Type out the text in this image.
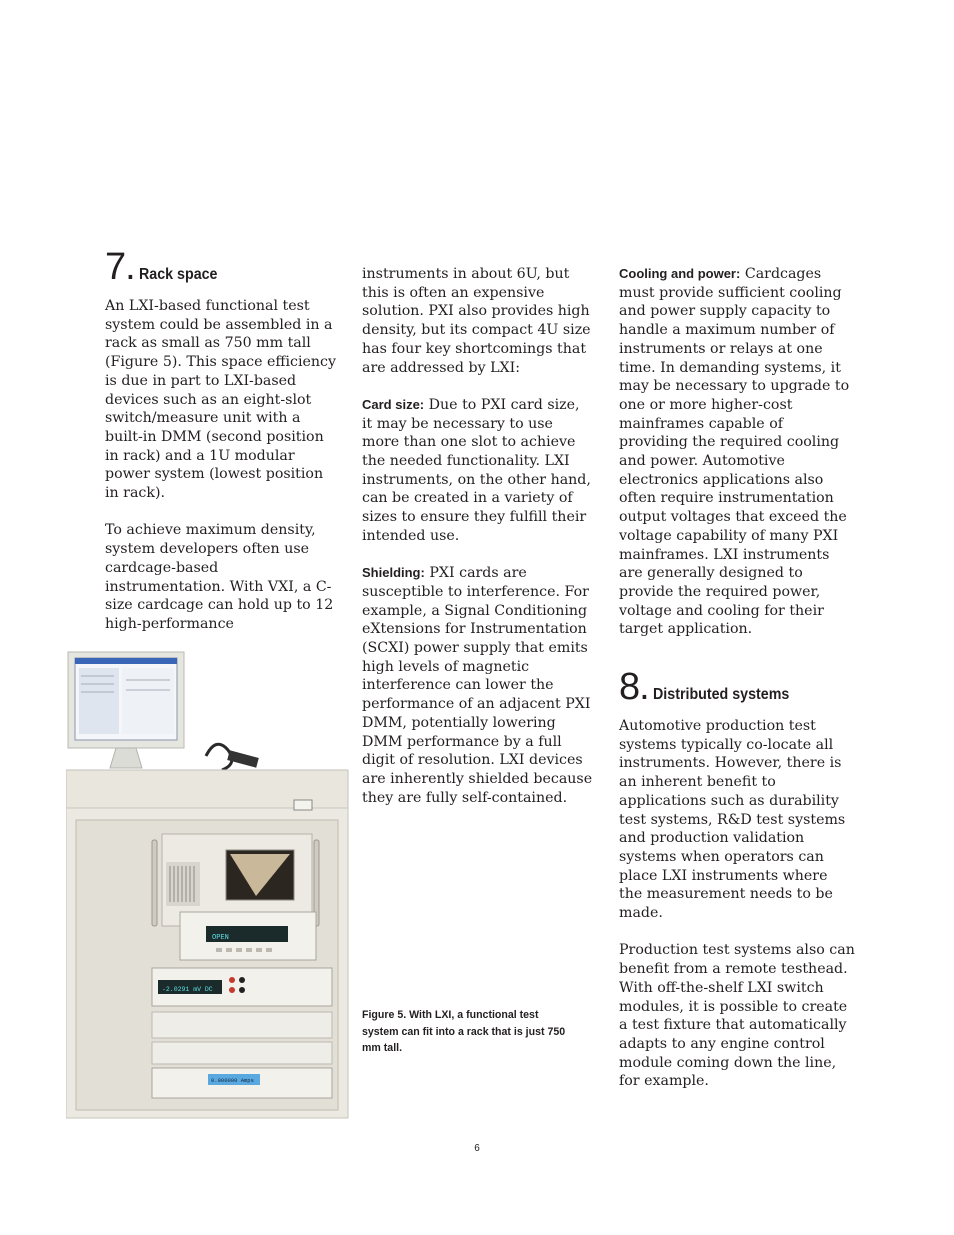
7. Rack space

An LXI-based functional test system could be assembled in a rack as small as 750 mm tall (Figure 5). This space efficiency is due in part to LXI-based devices such as an eight-slot switch/measure unit with a built-in DMM (second position in rack) and a 1U modular power system (lowest position in rack).

To achieve maximum density, system developers often use cardcage-based instrumentation. With VXI, a C-size cardcage can hold up to 12 high-performance

OPEN
-2.0291 mV DC
0.000000 Amps

instruments in about 6U, but this is often an expensive solution. PXI also provides high density, but its compact 4U size has four key shortcomings that are addressed by LXI:

Card size: Due to PXI card size, it may be necessary to use more than one slot to achieve the needed functionality. LXI instruments, on the other hand, can be created in a variety of sizes to ensure they fulfill their intended use.

Shielding: PXI cards are susceptible to interference. For example, a Signal Conditioning eXtensions for Instrumentation (SCXI) power supply that emits high levels of magnetic interference can lower the performance of an adjacent PXI DMM, potentially lowering DMM performance by a full digit of resolution. LXI devices are inherently shielded because they are fully self-contained.

Figure 5. With LXI, a functional test system can fit into a rack that is just 750 mm tall.

Cooling and power: Cardcages must provide sufficient cooling and power supply capacity to handle a maximum number of instruments or relays at one time. In demanding systems, it may be necessary to upgrade to one or more higher-cost mainframes capable of providing the required cooling and power. Automotive electronics applications also often require instrumentation output voltages that exceed the voltage capability of many PXI mainframes. LXI instruments are generally designed to provide the required power, voltage and cooling for their target application.

8. Distributed systems

Automotive production test systems typically co-locate all instruments. However, there is an inherent benefit to applications such as durability test systems, R&D test systems and production validation systems when operators can place LXI instruments where the measurement needs to be made.

Production test systems also can benefit from a remote testhead. With off-the-shelf LXI switch modules, it is possible to create a test fixture that automatically adapts to any engine control module coming down the line, for example.

6
